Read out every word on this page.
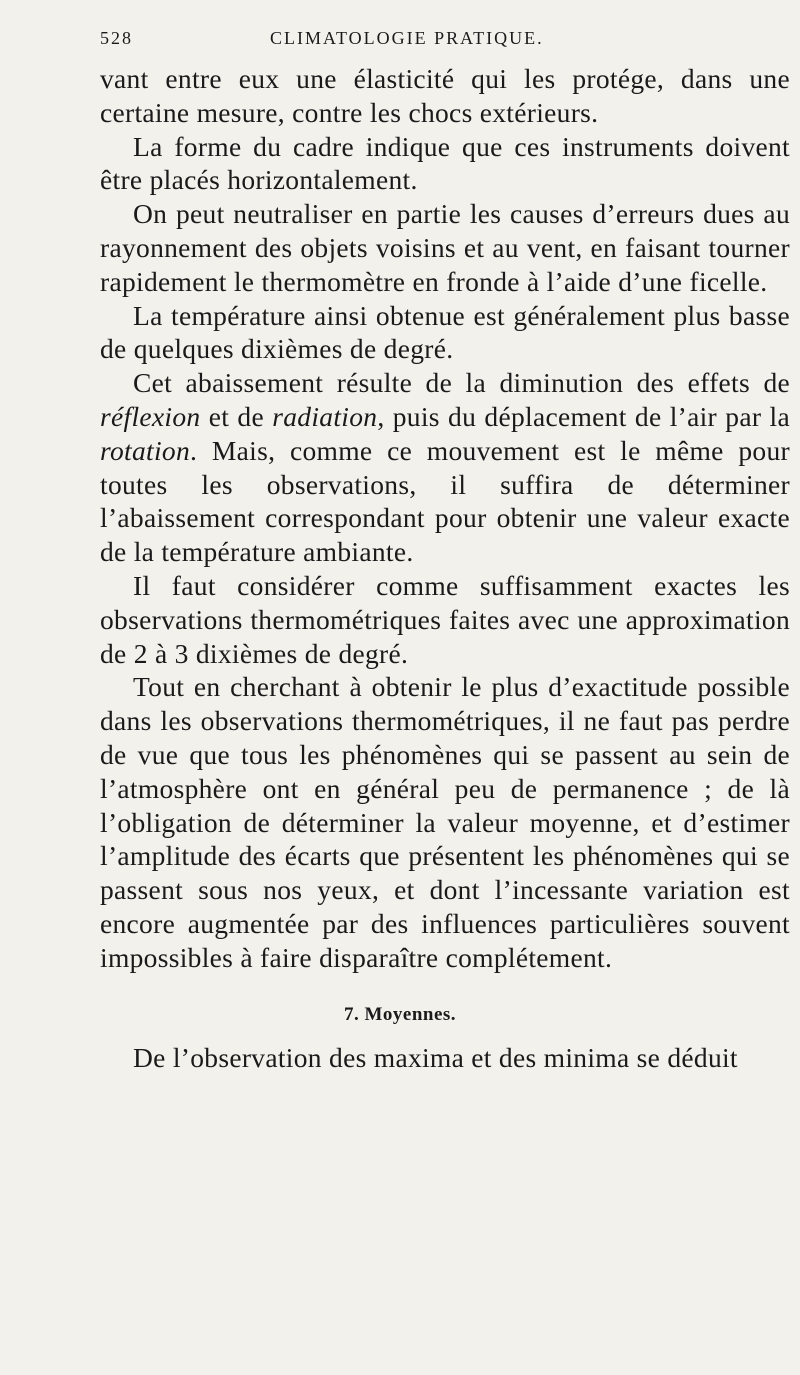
528	CLIMATOLOGIE PRATIQUE.

vant entre eux une élasticité qui les protége, dans une certaine mesure, contre les chocs extérieurs.

La forme du cadre indique que ces instruments doivent être placés horizontalement.

On peut neutraliser en partie les causes d’erreurs dues au rayonnement des objets voisins et au vent, en faisant tourner rapidement le thermomètre en fronde à l’aide d’une ficelle.

La température ainsi obtenue est généralement plus basse de quelques dixièmes de degré.

Cet abaissement résulte de la diminution des effets de réflexion et de radiation, puis du déplacement de l’air par la rotation. Mais, comme ce mouvement est le même pour toutes les observations, il suffira de déterminer l’abaissement correspondant pour obtenir une valeur exacte de la température ambiante.

Il faut considérer comme suffisamment exactes les observations thermométriques faites avec une approximation de 2 à 3 dixièmes de degré.

Tout en cherchant à obtenir le plus d’exactitude possible dans les observations thermométriques, il ne faut pas perdre de vue que tous les phénomènes qui se passent au sein de l’atmosphère ont en général peu de permanence ; de là l’obligation de déterminer la valeur moyenne, et d’estimer l’amplitude des écarts que présentent les phénomènes qui se passent sous nos yeux, et dont l’incessante variation est encore augmentée par des influences particulières souvent impossibles à faire disparaître complétement.

7. Moyennes.
De l’observation des maxima et des minima se déduit
